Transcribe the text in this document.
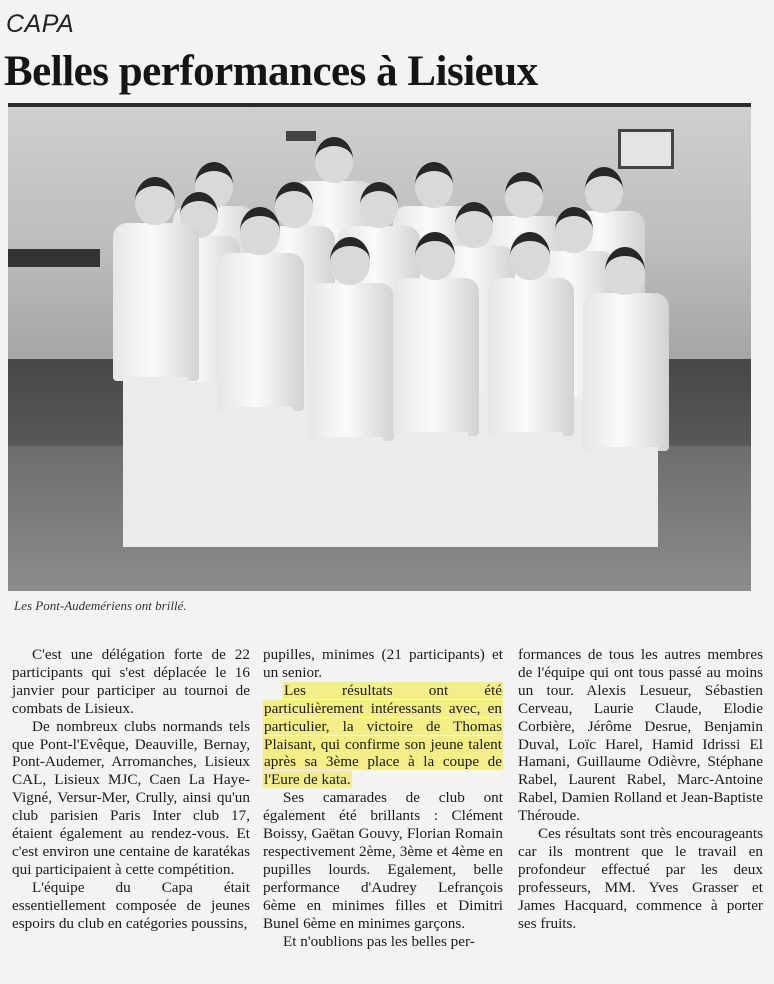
CAPA
Belles performances à Lisieux

Les Pont-Audemériens ont brillé.

C'est une délégation forte de 22 participants qui s'est déplacée le 16 janvier pour participer au tournoi de combats de Lisieux.

De nombreux clubs normands tels que Pont-l'Evêque, Deauville, Bernay, Pont-Audemer, Arromanches, Lisieux CAL, Lisieux MJC, Caen La Haye-Vigné, Versur-Mer, Crully, ainsi qu'un club parisien Paris Inter club 17, étaient également au rendez-vous. Et c'est environ une centaine de karatékas qui participaient à cette compétition.

L'équipe du Capa était essentiellement composée de jeunes espoirs du club en catégories poussins,

pupilles, minimes (21 participants) et un senior.

Les résultats ont été particulièrement intéressants avec, en particulier, la victoire de Thomas Plaisant, qui confirme son jeune talent après sa 3ème place à la coupe de l'Eure de kata.

Ses camarades de club ont également été brillants : Clément Boissy, Gaëtan Gouvy, Florian Romain respectivement 2ème, 3ème et 4ème en pupilles lourds. Egalement, belle performance d'Audrey Lefrançois 6ème en minimes filles et Dimitri Bunel 6ème en minimes garçons.

Et n'oublions pas les belles per-

formances de tous les autres membres de l'équipe qui ont tous passé au moins un tour. Alexis Lesueur, Sébastien Cerveau, Laurie Claude, Elodie Corbière, Jérôme Desrue, Benjamin Duval, Loïc Harel, Hamid Idrissi El Hamani, Guillaume Odièvre, Stéphane Rabel, Laurent Rabel, Marc-Antoine Rabel, Damien Rolland et Jean-Baptiste Théroude.

Ces résultats sont très encourageants car ils montrent que le travail en profondeur effectué par les deux professeurs, MM. Yves Grasser et James Hacquard, commence à porter ses fruits.
